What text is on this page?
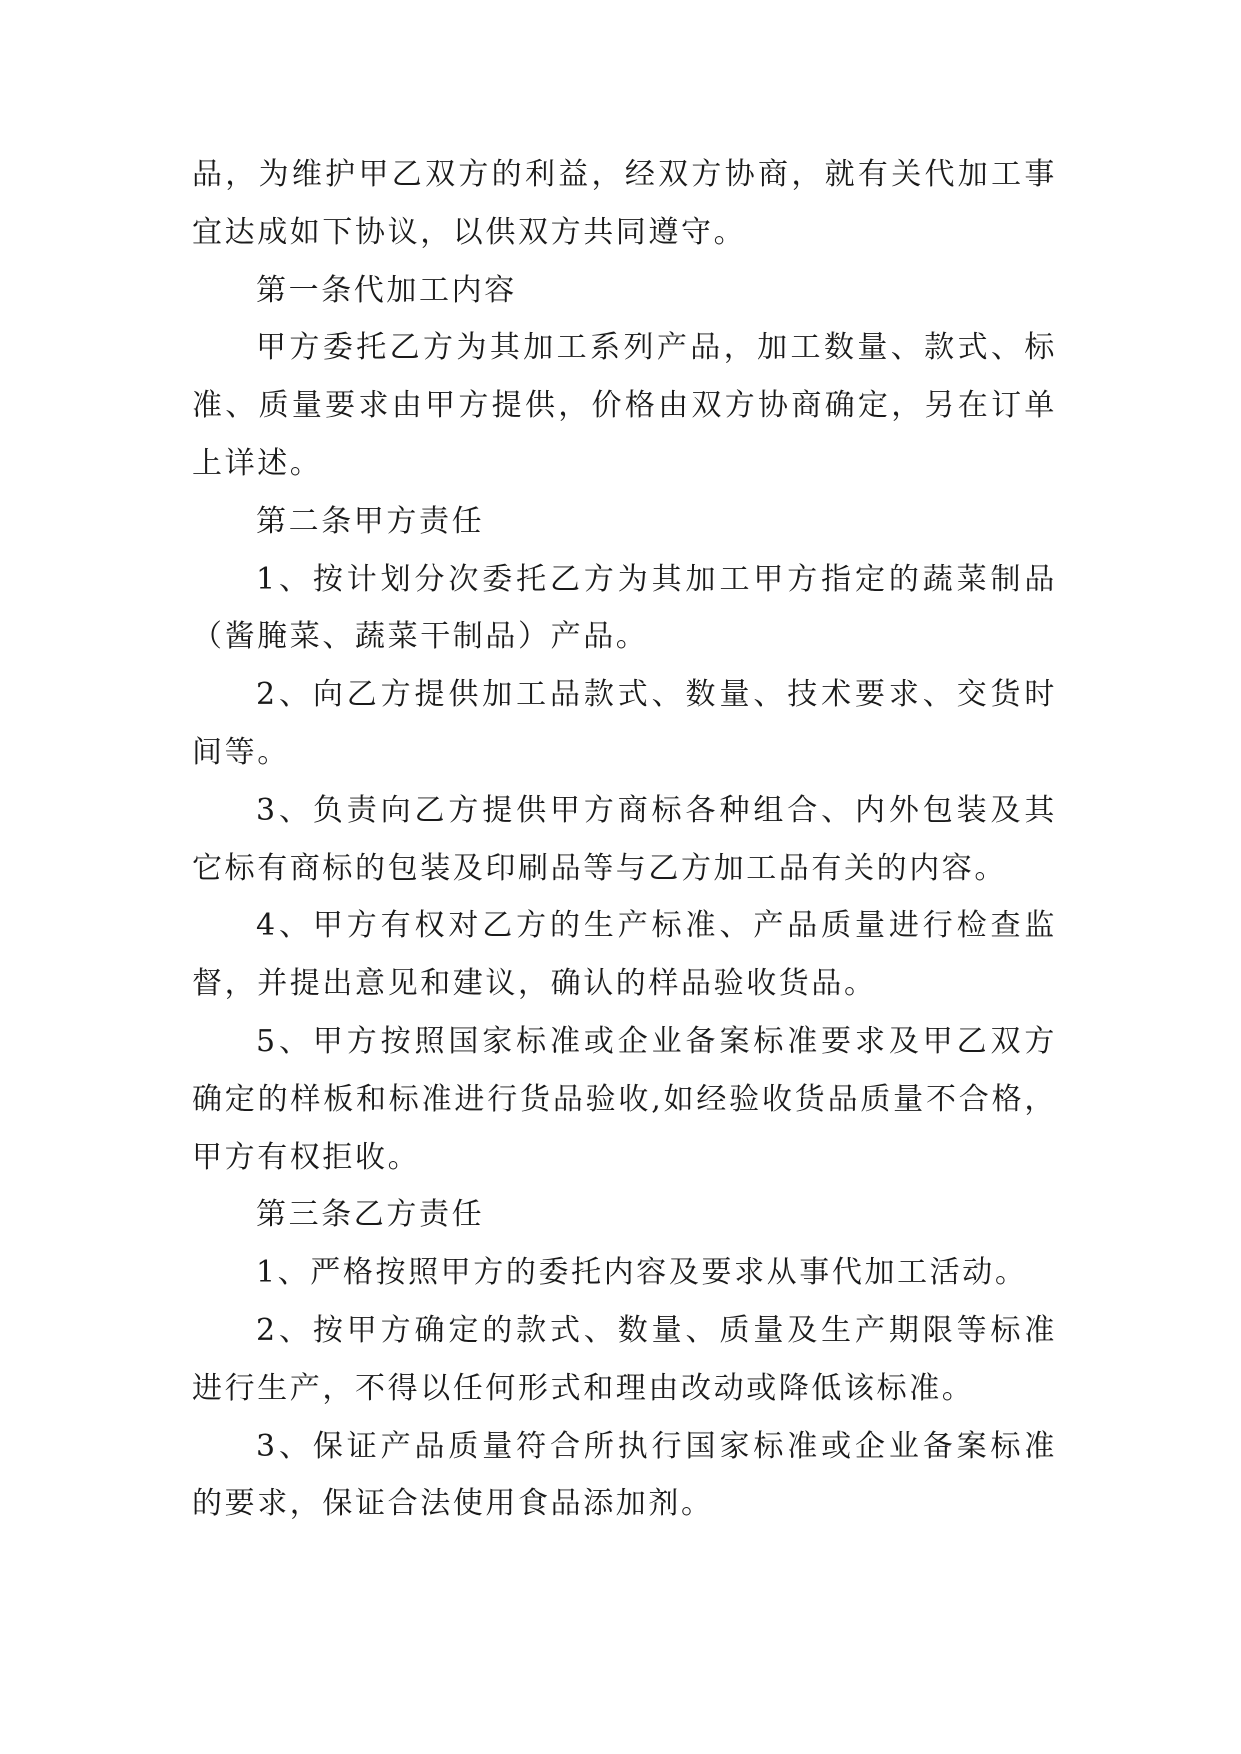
品，为维护甲乙双方的利益，经双方协商，就有关代加工事宜达成如下协议，以供双方共同遵守。

第一条代加工内容

甲方委托乙方为其加工系列产品，加工数量、款式、标准、质量要求由甲方提供，价格由双方协商确定，另在订单上详述。

第二条甲方责任

1、按计划分次委托乙方为其加工甲方指定的蔬菜制品（酱腌菜、蔬菜干制品）产品。

2、向乙方提供加工品款式、数量、技术要求、交货时间等。

3、负责向乙方提供甲方商标各种组合、内外包装及其它标有商标的包装及印刷品等与乙方加工品有关的内容。

4、甲方有权对乙方的生产标准、产品质量进行检查监督，并提出意见和建议，确认的样品验收货品。

5、甲方按照国家标准或企业备案标准要求及甲乙双方确定的样板和标准进行货品验收,如经验收货品质量不合格，甲方有权拒收。

第三条乙方责任

1、严格按照甲方的委托内容及要求从事代加工活动。

2、按甲方确定的款式、数量、质量及生产期限等标准进行生产，不得以任何形式和理由改动或降低该标准。

3、保证产品质量符合所执行国家标准或企业备案标准的要求，保证合法使用食品添加剂。
